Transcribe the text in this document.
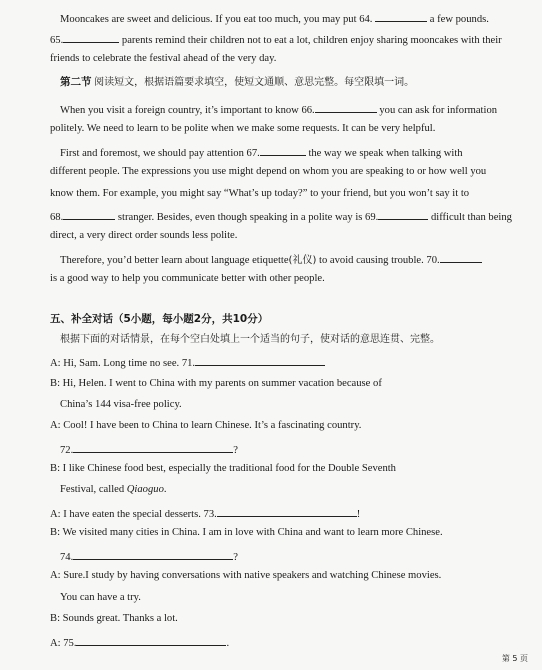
Mooncakes are sweet and delicious. If you eat too much, you may put 64.	a few pounds.
65.	parents remind their children not to eat a lot, children enjoy sharing mooncakes with their
friends to celebrate the festival ahead of the very day.
第二节 阅读短文，根据语篇要求填空，使短文通顺、意思完整。每空限填一词。
When you visit a foreign country, it’s important to know 66.	you can ask for information
politely. We need to learn to be polite when we make some requests. It can be very helpful.
First and foremost, we should pay attention 67.	the way we speak when talking with
different people. The expressions you use might depend on whom you are speaking to or how well you
know them. For example, you might say “What’s up today?” to your friend, but you won’t say it to
68.	stranger. Besides, even though speaking in a polite way is 69.	difficult than being
direct, a very direct order sounds less polite.
Therefore, you’d better learn about language etiquette(礼仪) to avoid causing trouble. 70.
is a good way to help you communicate better with other people.
五、补全对话（5小题，每小题2分，共10分）
根据下面的对话情景，在每个空白处填上一个适当的句子，使对话的意思连贯、完整。
A: Hi, Sam. Long time no see. 71.
B: Hi, Helen. I went to China with my parents on summer vacation because of
China’s 144 visa-free policy.
A: Cool! I have been to China to learn Chinese. It’s a fascinating country.
72.	?
B: I like Chinese food best, especially the traditional food for the Double Seventh
Festival, called Qiaoguo.
A: I have eaten the special desserts. 73.	!
B: We visited many cities in China. I am in love with China and want to learn more Chinese.
74.	?
A: Sure.I study by having conversations with native speakers and watching Chinese movies.
You can have a try.
B: Sounds great. Thanks a lot.
A: 75.	.
第 5 页
